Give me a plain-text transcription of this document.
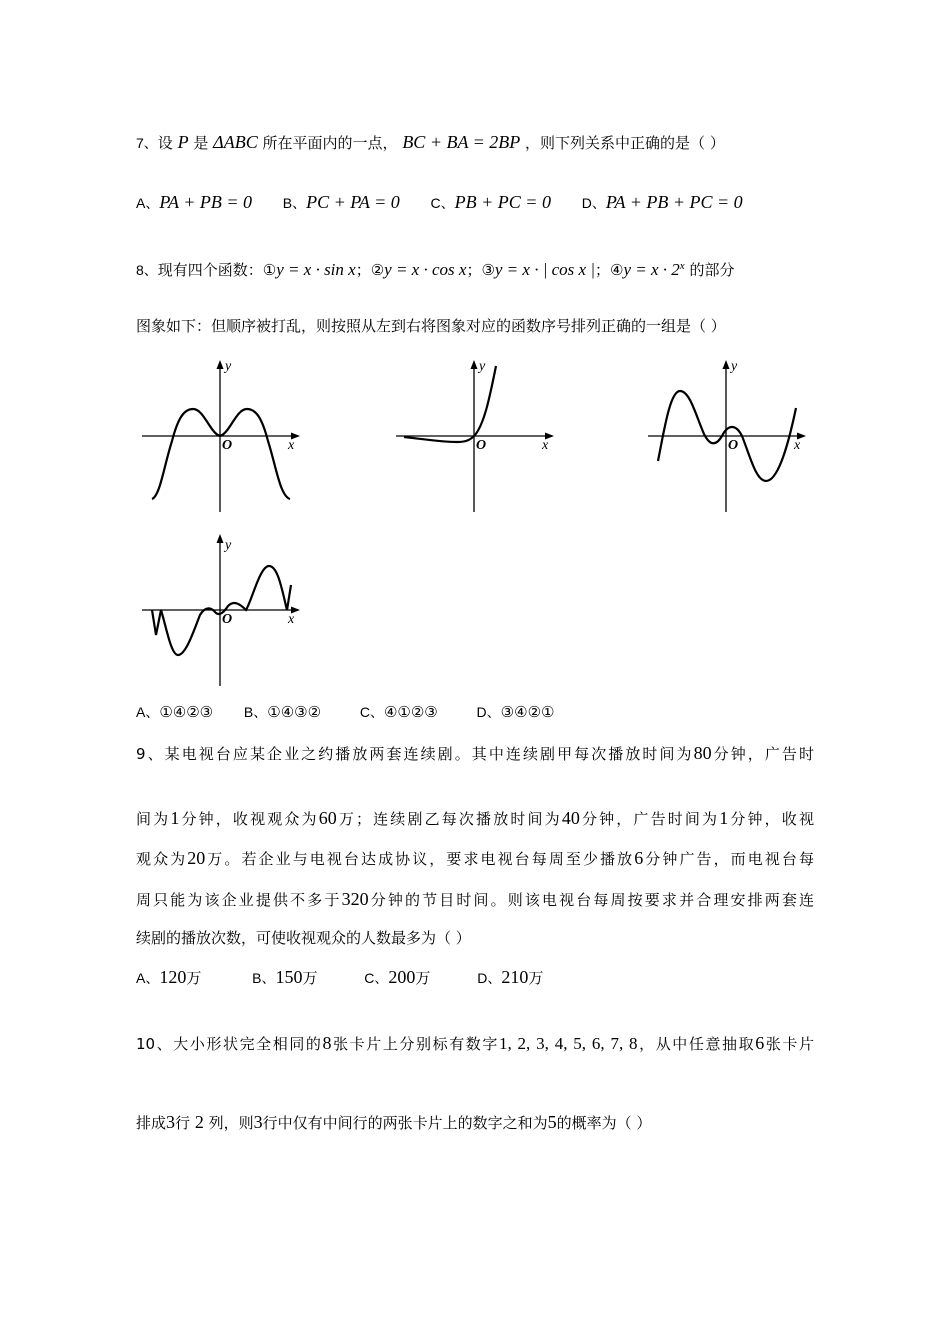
7、设 P 是 ΔABC 所在平面内的一点， BC + BA = 2BP ，则下列关系中正确的是（ ）
A、PA + PB = 0 B、PC + PA = 0 C、PB + PC = 0 D、PA + PB + PC = 0
8、现有四个函数：①y = x · sin x；②y = x · cos x；③y = x · | cos x |；④y = $x \cdot 2^x$ 的部分
图象如下：但顺序被打乱，则按照从左到右将图象对应的函数序号排列正确的一组是（ ）
y
x
O
y
x
O
y
x
O
y
x
O
A、①④②③ B、①④③②	C、④①②③	D、③④②①
9、某电视台应某企业之约播放两套连续剧。其中连续剧甲每次播放时间为80分钟，广告时
间为1分钟，收视观众为60万；连续剧乙每次播放时间为40分钟，广告时间为1分钟，收视
观众为20万。若企业与电视台达成协议，要求电视台每周至少播放6分钟广告，而电视台每
周只能为该企业提供不多于320分钟的节目时间。则该电视台每周按要求并合理安排两套连
续剧的播放次数，可使收视观众的人数最多为（ ）
A、120万	B、150万	C、200万	D、210万
10、大小形状完全相同的8张卡片上分别标有数字1, 2, 3, 4, 5, 6, 7, 8，从中任意抽取6张卡片
排成3行 2 列，则3行中仅有中间行的两张卡片上的数字之和为5的概率为（ ）
